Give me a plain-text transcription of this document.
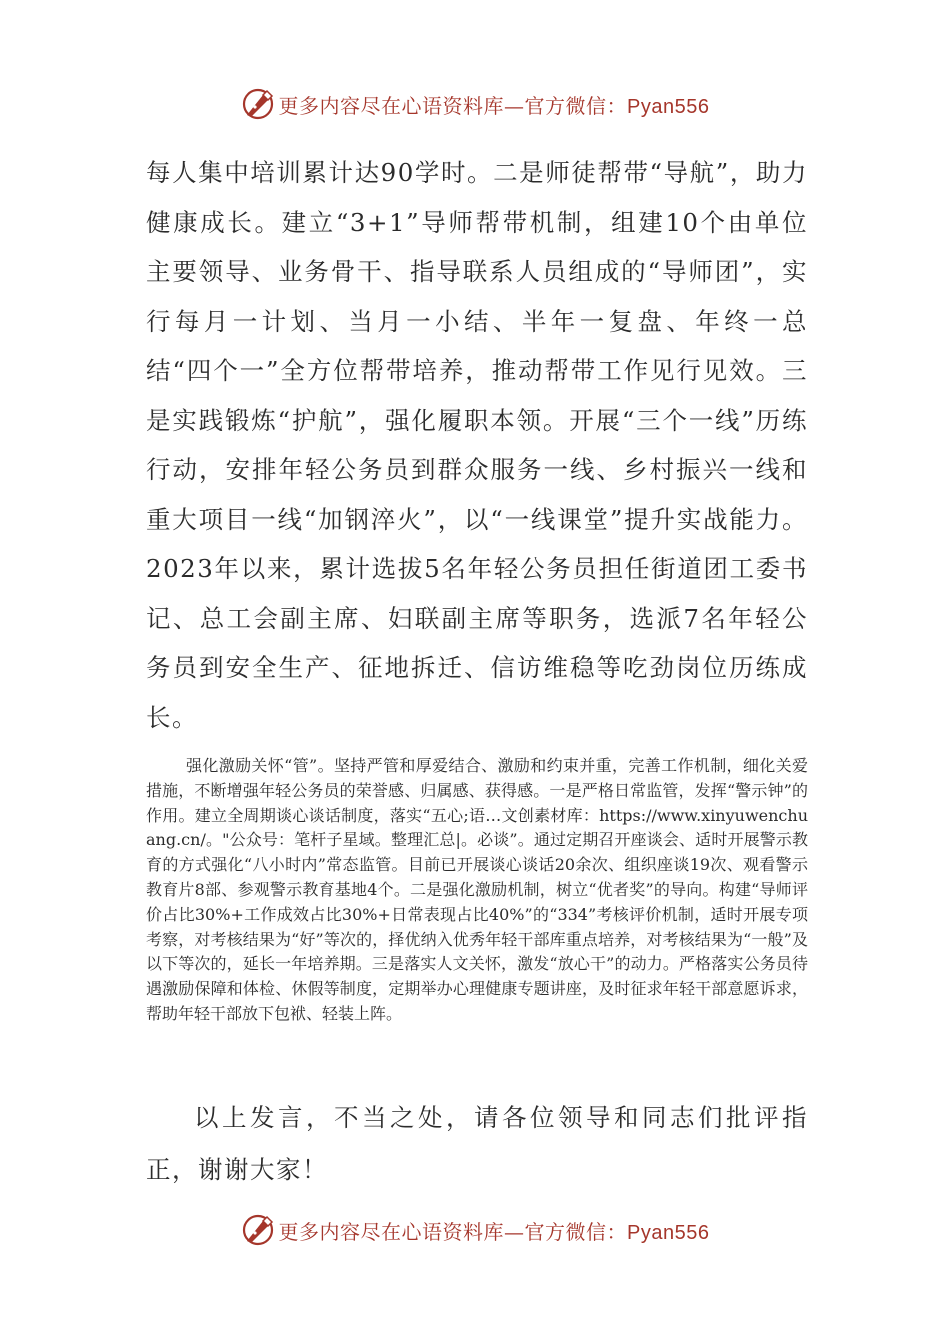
更多内容尽在心语资料库—官方微信：Pyan556

每人集中培训累计达90学时。二是师徒帮带“导航”，助力健康成长。建立“3+1”导师帮带机制，组建10个由单位主要领导、业务骨干、指导联系人员组成的“导师团”，实行每月一计划、当月一小结、半年一复盘、年终一总结“四个一”全方位帮带培养，推动帮带工作见行见效。三是实践锻炼“护航”，强化履职本领。开展“三个一线”历练行动，安排年轻公务员到群众服务一线、乡村振兴一线和重大项目一线“加钢淬火”，以“一线课堂”提升实战能力。2023年以来，累计选拔5名年轻公务员担任街道团工委书记、总工会副主席、妇联副主席等职务，选派7名年轻公务员到安全生产、征地拆迁、信访维稳等吃劲岗位历练成长。

强化激励关怀“管”。坚持严管和厚爱结合、激励和约束并重，完善工作机制，细化关爱措施，不断增强年轻公务员的荣誉感、归属感、获得感。一是严格日常监管，发挥“警示钟”的作用。建立全周期谈心谈话制度，落实“五心;语…文创素材库：https://www.xinyuwenchuang.cn/。"公众号：笔杆子星域。整理汇总|。必谈”。通过定期召开座谈会、适时开展警示教育的方式强化“八小时内”常态监管。目前已开展谈心谈话20余次、组织座谈19次、观看警示教育片8部、参观警示教育基地4个。二是强化激励机制，树立“优者奖”的导向。构建“导师评价占比30%+工作成效占比30%+日常表现占比40%”的“334”考核评价机制，适时开展专项考察，对考核结果为“好”等次的，择优纳入优秀年轻干部库重点培养，对考核结果为“一般”及以下等次的，延长一年培养期。三是落实人文关怀，激发“放心干”的动力。严格落实公务员待遇激励保障和体检、休假等制度，定期举办心理健康专题讲座，及时征求年轻干部意愿诉求，帮助年轻干部放下包袱、轻装上阵。

以上发言，不当之处，请各位领导和同志们批评指正，谢谢大家！

更多内容尽在心语资料库—官方微信：Pyan556
